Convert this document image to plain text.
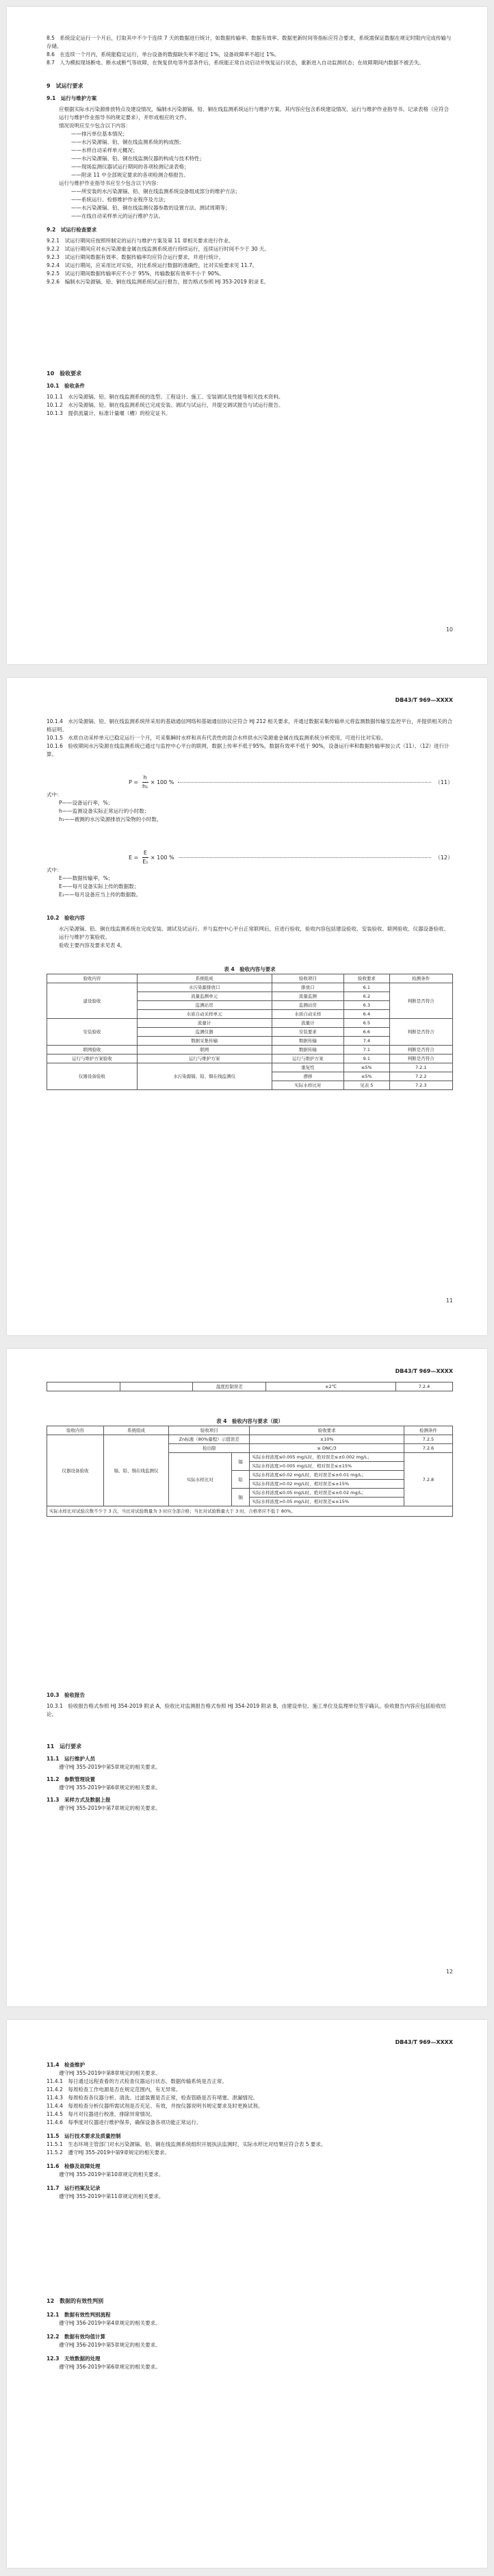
8.5　系统设定运行一个月后，打取其中不少于连续 7 天的数据进行统计，如数据传输率、数据有效率、数据更新时间等指标应符合要求，系统需保证数据在规定时限内完成传输与存储。

8.6　在连续一个月内，系统能稳定运行，单台设备的数据缺失率不超过 1%，设备故障率不超过 1%。

8.7　人为模拟现场断电、断水或断气等故障，在恢复供电等外部条件后，系统能正常自动启动并恢复运行状态，重新进入自动监测状态；在故障期间内数据不被丢失。

9　试运行要求

9.1　运行与维护方案

应根据实际水污染源排放特点及建设情况，编制水污染源镉、铅、铜在线监测系统运行与维护方案。其内容应包含系统建设情况、运行与维护作业指导书、记录表格（应符合运行与维护作业指导书的规定要求），并形成相应的文件。

情况说明应至少包含以下内容：

——排污单位基本情况；

——水污染源镉、铅、铜在线监测系统的构成图；

——水样自动采样单元概况；

——水污染源镉、铅、铜在线监测仪器的构成与技术特性；

——现场监测仪器试运行期间的各项检测记录表格；

——附录 11 中全部规定要求的各项检测合格报告。

运行与维护作业指导书应至少包含以下内容：

——所安装的水污染源镉、铅、铜在线监测系统设备组成部分的维护方法；

——系统运行、检修维护作业程序及方法；

——水污染源镉、铅、铜在线监测仪器参数的设置方法、测试周期等；

——在线自动采样单元的运行维护方法。

9.2　试运行检查要求

9.2.1　试运行期间应按照所制定的运行与维护方案及第 11 章相关要求进行作业。

9.2.2　试运行期间应对水污染源重金属在线监测系统进行持续运行，连续运行时间不少于 30 天。

9.2.3　试运行期间数据有效率、数据传输率均应符合运行要求，并进行统计。

9.2.4　试运行期间，应采用比对实验，对比系统运行数据的准确性，比对实验要求见 11.7。

9.2.5　试运行期间数据传输率应不小于 95%，传输数据有效率不小于 90%。

9.2.6　编制水污染源镉、铅、铜在线监测系统试运行报告，报告格式参照 HJ 353-2019 附录 E。

10　验收要求

10.1　验收条件

10.1.1　水污染源镉、铅、铜在线监测系统的选型、工程设计、施工、安装调试及性能等相关技术资料。

10.1.2　水污染源镉、铅、铜在线监测系统已完成安装、调试与试运行，并提交调试报告与试运行报告。

10.1.3　提供流量计、标准计量堰（槽）的检定证书。

10
DB43/T 969—XXXX

10.1.4　水污染源镉、铅、铜在线监测系统所采用的基础通信网络和基础通信协议应符合 HJ 212 相关要求，并通过数据采集传输单元将监测数据传输至监控平台，并提供相关的合格证明。

10.1.5　水质自动采样单元已稳定运行一个月，可采集瞬时水样和具有代表性的混合水样供水污染源重金属在线监测系统分析使用，可进行比对实验。

10.1.6　验收期间水污染源在线监测系统已通过与监控中心平台的联网，数据上传率不低于95%，数据有效率不低于 90%，设备运行率和数据传输率按公式（11）、（12）进行计算。

$P = \frac{h}{\text{h₁}} \times 100$ %	（11）

式中：

P——设备运行率，%；

h——监测设备实际正常运行的小时数；

h₁——被测的水污染源排放污染物的小时数。

$E = \frac{E}{\text{E₁}} \times 100$ %	（12）

式中：

E——数据传输率，%；

E——每月设备实际上传的数据数；

E₁——每月设备应当上传的数据数。

10.2　验收内容

水污染源镉、铅、铜在线监测系统在完成安装、调试及试运行、并与监控中心平台正常联网后，应进行验收，验收内容包括建设验收、安装验收、联网验收、仪器设备验收、运行与维护方案验收。

验收主要内容及要求见表 4。

表 4　验收内容与要求

验收内容	系统组成	验收项目	验收要求	检测条件
建设验收	水污染源排放口	排放口	6.1	判断是否符合
	流量监测单元	流量监测	6.2	
	监测站房	监测站房	6.3	
	水质自动采样单元	水质自动采样	6.4	
安装验收	流量计	流量计	6.5	判断是否符合
	监测仪器	安装要求	6.6	
	数据采集传输	数据传输	7.4	
联网验收	联网	数据传输	7.1	判断是否符合
运行与维护方案验收	运行与维护方案	运行与维护方案	9.1	判断是否符合
仪器设备验收	水污染源镉、铅、铜在线监测仪	重复性	≤5%	7.2.1
		漂移	≤5%	7.2.2
		实际水样比对	见表 5	7.2.3
11
DB43/T 969—XXXX
		温度控制误差	±2℃	7.2.4

表 4　验收内容与要求（续）

验收内容	系统组成	验收项目		验收要求	检测条件
仪器设备验收	镉、铅、铜在线监测仪	Zn标液（80%量程）示值误差		±10%	7.2.5
		检出限		≤ DNC/3	7.2.6
		实际水样比对	镉	实际水样浓度≤0.005 mg/L时，绝对误差≤±0.002 mg/L；	7.2.8
				实际水样浓度>0.005 mg/L时，相对误差≤±15%	
			铅	实际水样浓度≤0.02 mg/L时，绝对误差≤±0.01 mg/L；	
				实际水样浓度>0.02 mg/L时，相对误差≤±15%	
			铜	实际水样浓度≤0.05 mg/L时，绝对误差≤±0.02 mg/L；	
				实际水样浓度>0.05 mg/L时，相对误差≤±15%	
实际水样比对试验次数不少于 3 次，当比对试验数量为 3 时应全部合格；当比对试验数量大于 3 时，合格率应不低于 80%。

10.3　验收报告

10.3.1　验收报告格式参照 HJ 354-2019 附录 A，验收比对监测报告格式参照 HJ 354-2019 附录 B，由建设单位、施工单位及监理单位签字确认。验收报告内容应包括验收结论。

11　运行要求

11.1　运行维护人员

遵守HJ 355-2019中第5章规定的相关要求。

11.2　参数管理设置

遵守HJ 355-2019中第6章规定的相关要求。

11.3　采样方式及数据上报

遵守HJ 355-2019中第7章规定的相关要求。

12
DB43/T 969—XXXX

11.4　检查维护

遵守HJ 355-2019中第8章规定的相关要求。

11.4.1　每日通过远程查看的方式检查仪器运行状态，数据传输系统是否正常。

11.4.2　每周检查工作电源是否在规定范围内，有无异常。

11.4.3　每周检查各仪器分析、清洗、过滤装置是否正常，检查管路是否有堵塞、泄漏情况。

11.4.4　每周检查分析仪器所需试剂是否充足、有效，并按仪器说明书规定要求及时更换试剂。

11.4.5　每月对仪器进行校准、排除异常情况。

11.4.6　每季度对仪器进行维护保养，确保设备各项功能正常运行。

11.5　运行技术要求及质量控制

11.5.1　生态环境主管部门对水污染源镉、铅、铜在线监测系统组织开展执法监测时，实际水样比对结果应符合表 5 要求。

11.5.2　遵守HJ 355-2019中第9章规定的相关要求。

11.6　检修及故障处理

遵守HJ 355-2019中第10章规定的相关要求。

11.7　运行档案及记录

遵守HJ 355-2019中第11章规定的相关要求。

12　数据的有效性判别

12.1　数据有效性判别流程

遵守HJ 356-2019中第4章规定的相关要求。

12.2　数据有效均值计算

遵守HJ 356-2019中第5章规定的相关要求。

12.3　无效数据的处理

遵守HJ 356-2019中第6章规定的相关要求。
